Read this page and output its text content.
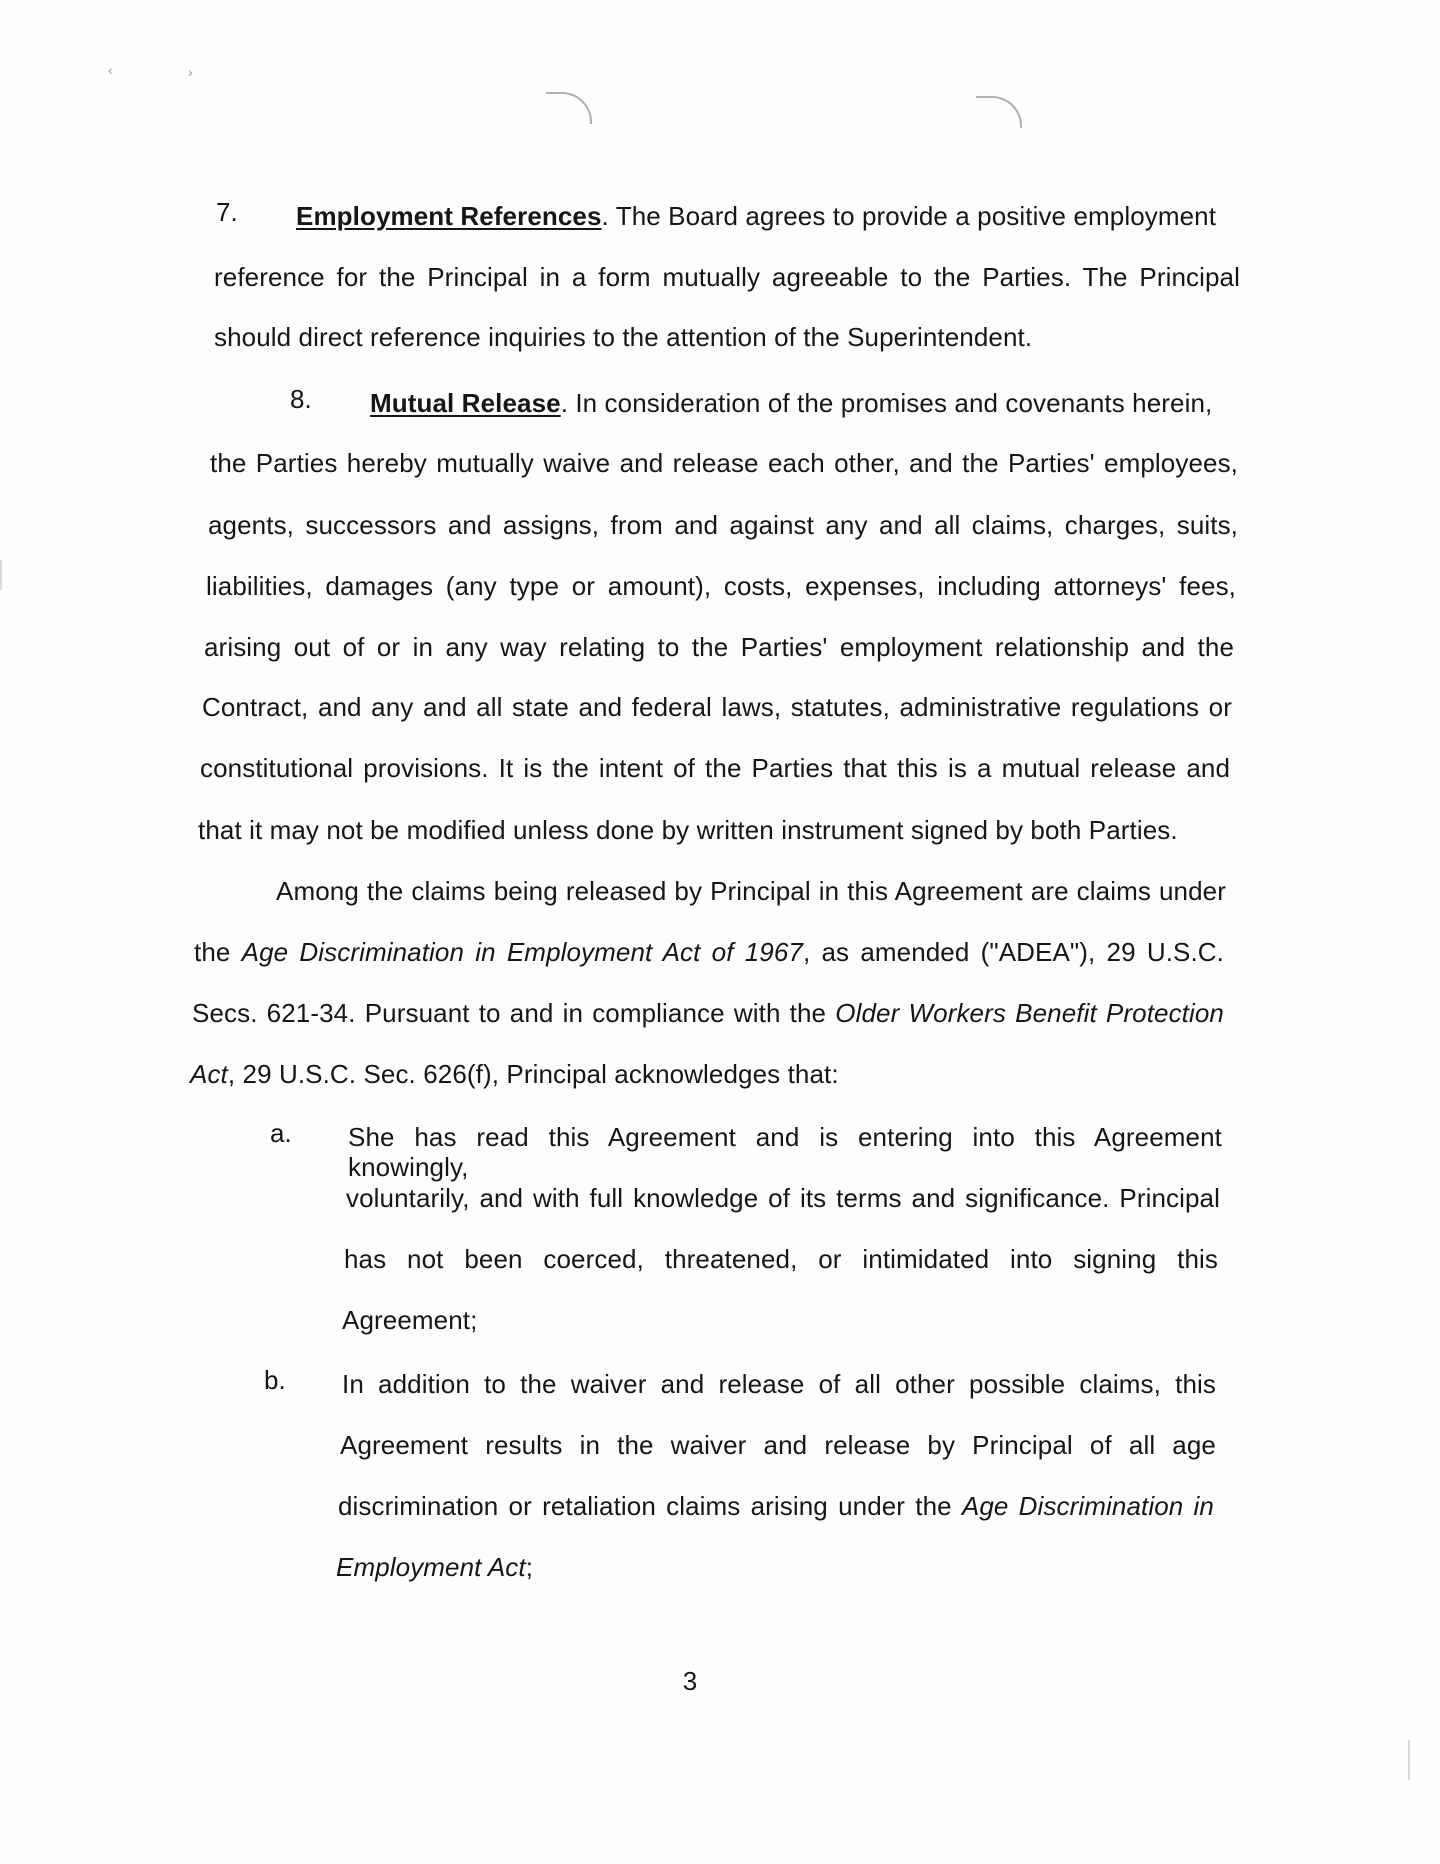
‹	›
7. Employment References. The Board agrees to provide a positive employment
reference for the Principal in a form mutually agreeable to the Parties. The Principal
should direct reference inquiries to the attention of the Superintendent.
8. Mutual Release. In consideration of the promises and covenants herein,
the Parties hereby mutually waive and release each other, and the Parties' employees,
agents, successors and assigns, from and against any and all claims, charges, suits,
liabilities, damages (any type or amount), costs, expenses, including attorneys' fees,
arising out of or in any way relating to the Parties' employment relationship and the
Contract, and any and all state and federal laws, statutes, administrative regulations or
constitutional provisions. It is the intent of the Parties that this is a mutual release and
that it may not be modified unless done by written instrument signed by both Parties.
Among the claims being released by Principal in this Agreement are claims under
the Age Discrimination in Employment Act of 1967, as amended ("ADEA"), 29 U.S.C.
Secs. 621-34. Pursuant to and in compliance with the Older Workers Benefit Protection
Act, 29 U.S.C. Sec. 626(f), Principal acknowledges that:
a. She has read this Agreement and is entering into this Agreement knowingly,
voluntarily, and with full knowledge of its terms and significance. Principal
has not been coerced, threatened, or intimidated into signing this
Agreement;
b. In addition to the waiver and release of all other possible claims, this
Agreement results in the waiver and release by Principal of all age
discrimination or retaliation claims arising under the Age Discrimination in
Employment Act;
3
